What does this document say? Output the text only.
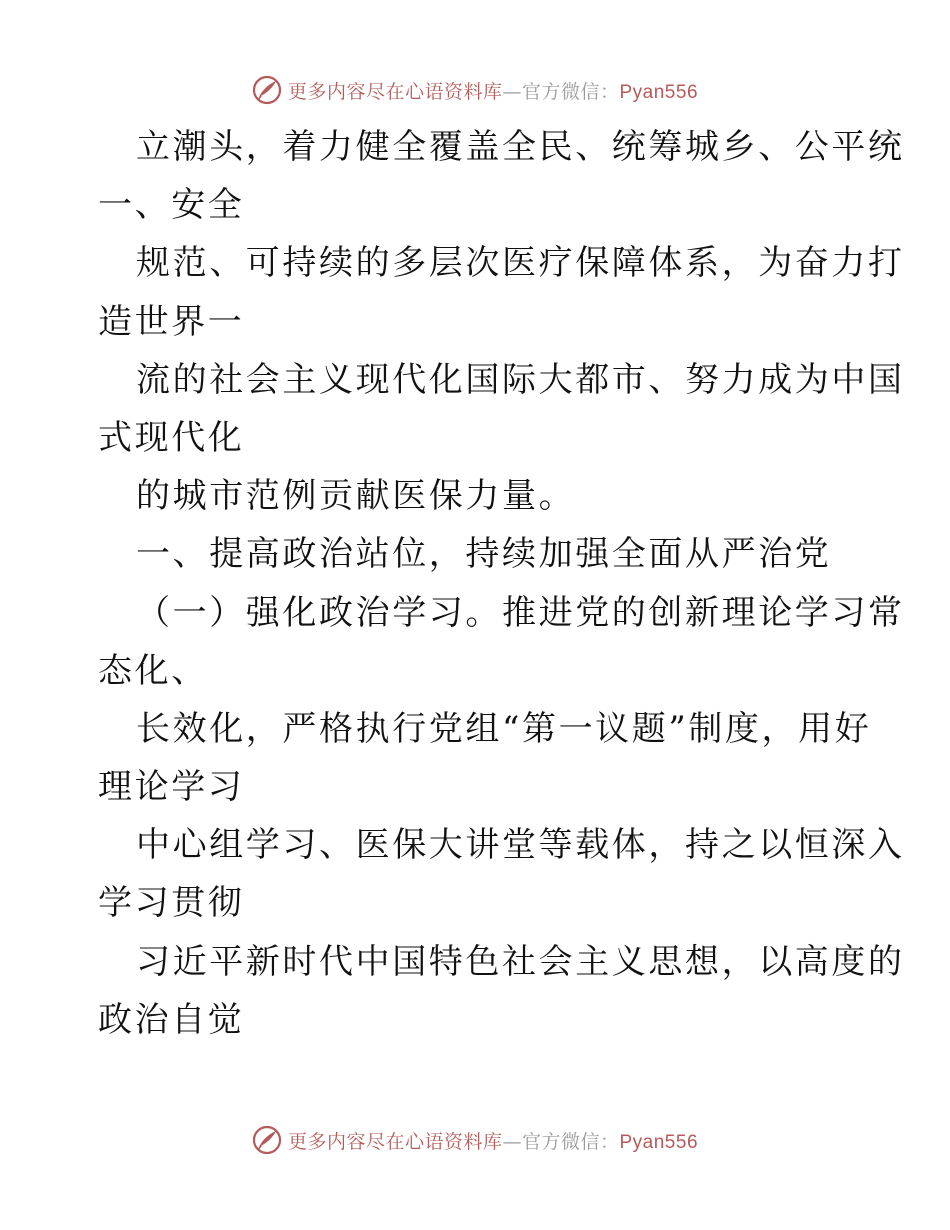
更多内容尽在心语资料库—官方微信：Pyan556
立潮头，着力健全覆盖全民、统筹城乡、公平统
一、安全
规范、可持续的多层次医疗保障体系，为奋力打
造世界一
流的社会主义现代化国际大都市、努力成为中国
式现代化
的城市范例贡献医保力量。
一、提高政治站位，持续加强全面从严治党
（一）强化政治学习。推进党的创新理论学习常
态化、
长效化，严格执行党组“第一议题”制度，用好
理论学习
中心组学习、医保大讲堂等载体，持之以恒深入
学习贯彻
习近平新时代中国特色社会主义思想，以高度的
政治自觉
更多内容尽在心语资料库—官方微信：Pyan556
